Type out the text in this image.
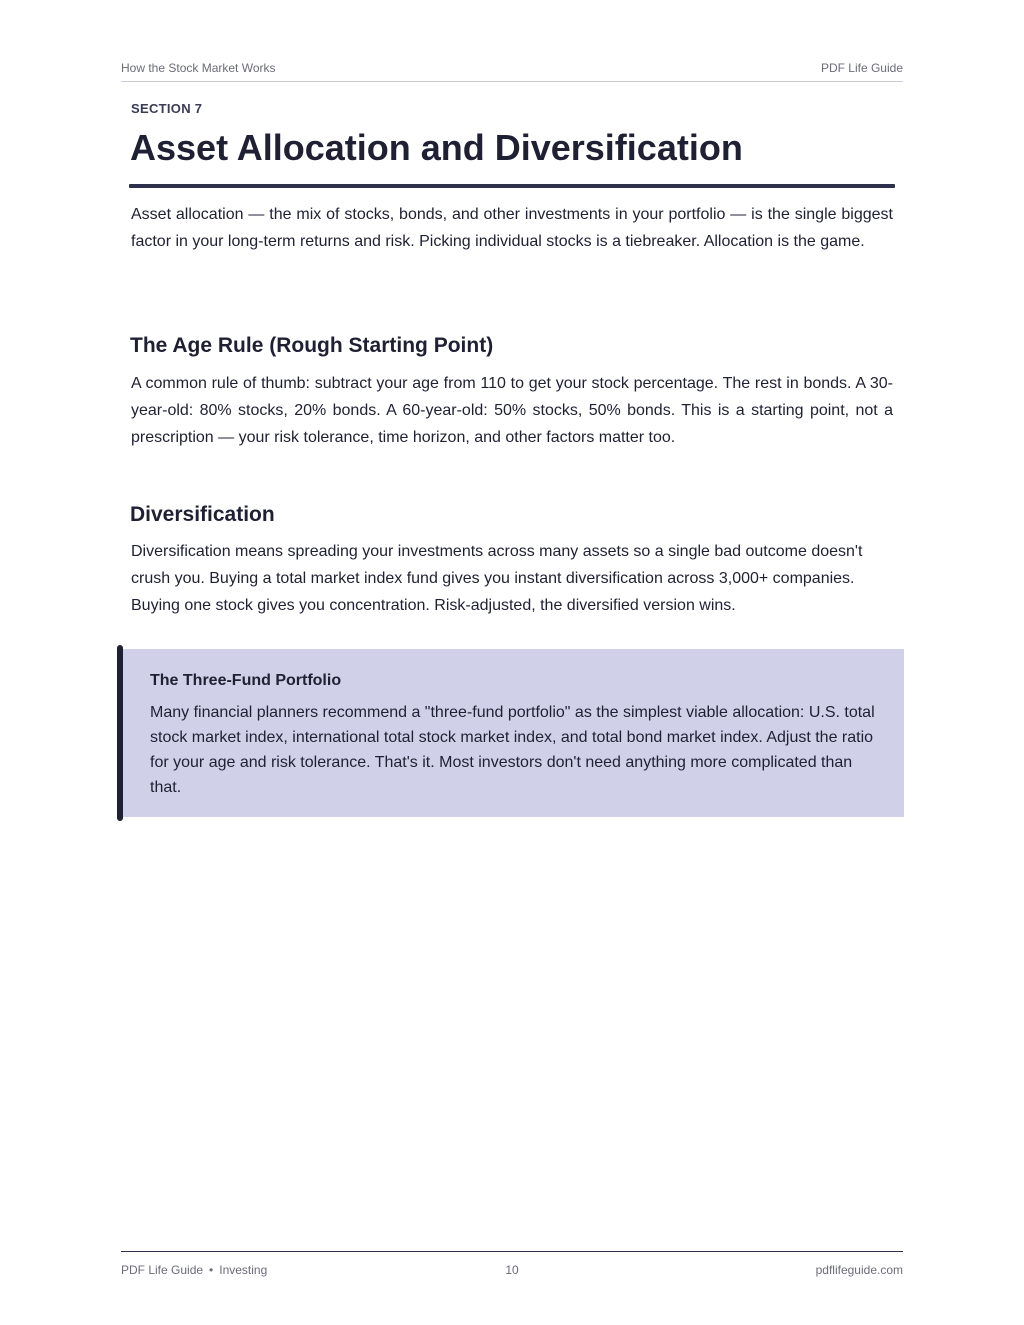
How the Stock Market Works	PDF Life Guide
SECTION 7
Asset Allocation and Diversification

Asset allocation — the mix of stocks, bonds, and other investments in your portfolio — is the single biggest factor in your long-term returns and risk. Picking individual stocks is a tiebreaker. Allocation is the game.

The Age Rule (Rough Starting Point)

A common rule of thumb: subtract your age from 110 to get your stock percentage. The rest in bonds. A 30-year-old: 80% stocks, 20% bonds. A 60-year-old: 50% stocks, 50% bonds. This is a starting point, not a prescription — your risk tolerance, time horizon, and other factors matter too.

Diversification

Diversification means spreading your investments across many assets so a single bad outcome doesn't crush you. Buying a total market index fund gives you instant diversification across 3,000+ companies. Buying one stock gives you concentration. Risk-adjusted, the diversified version wins.

The Three-Fund Portfolio

Many financial planners recommend a "three-fund portfolio" as the simplest viable allocation: U.S. total stock market index, international total stock market index, and total bond market index. Adjust the ratio for your age and risk tolerance. That's it. Most investors don't need anything more complicated than that.

PDF Life Guide • Investing	10	pdflifeguide.com
